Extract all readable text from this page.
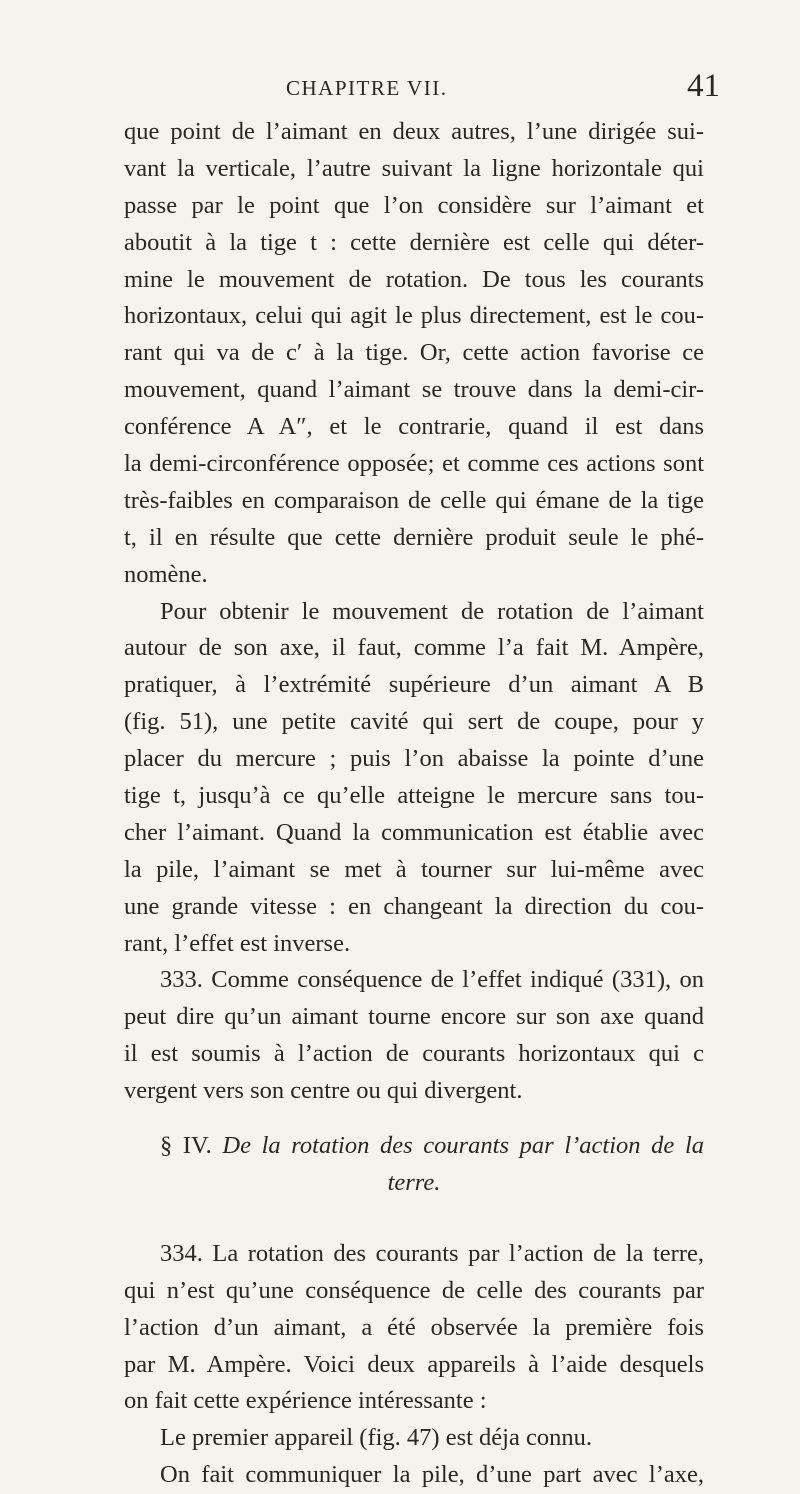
CHAPITRE VII.	41
que point de l’aimant en deux autres, l’une dirigée sui-
vant la verticale, l’autre suivant la ligne horizontale qui
passe par le point que l’on considère sur l’aimant et
aboutit à la tige t : cette dernière est celle qui déter-
mine le mouvement de rotation. De tous les courants
horizontaux, celui qui agit le plus directement, est le cou-
rant qui va de c′ à la tige. Or, cette action favorise ce
mouvement, quand l’aimant se trouve dans la demi-cir-
conférence A A″, et le contrarie, quand il est dans
la demi-circonférence opposée; et comme ces actions sont
très-faibles en comparaison de celle qui émane de la tige
t, il en résulte que cette dernière produit seule le phé-
nomène.
Pour obtenir le mouvement de rotation de l’aimant
autour de son axe, il faut, comme l’a fait M. Ampère,
pratiquer, à l’extrémité supérieure d’un aimant A B
(fig. 51), une petite cavité qui sert de coupe, pour y
placer du mercure ; puis l’on abaisse la pointe d’une
tige t, jusqu’à ce qu’elle atteigne le mercure sans tou-
cher l’aimant. Quand la communication est établie avec
la pile, l’aimant se met à tourner sur lui-même avec
une grande vitesse : en changeant la direction du cou-
rant, l’effet est inverse.
333. Comme conséquence de l’effet indiqué (331), on
peut dire qu’un aimant tourne encore sur son axe quand
il est soumis à l’action de courants horizontaux qui c
vergent vers son centre ou qui divergent.
§ IV. De la rotation des courants par l’action de la
terre.
334. La rotation des courants par l’action de la terre,
qui n’est qu’une conséquence de celle des courants par
l’action d’un aimant, a été observée la première fois
par M. Ampère. Voici deux appareils à l’aide desquels
on fait cette expérience intéressante :
Le premier appareil (fig. 47) est déja connu.
On fait communiquer la pile, d’une part avec l’axe,
